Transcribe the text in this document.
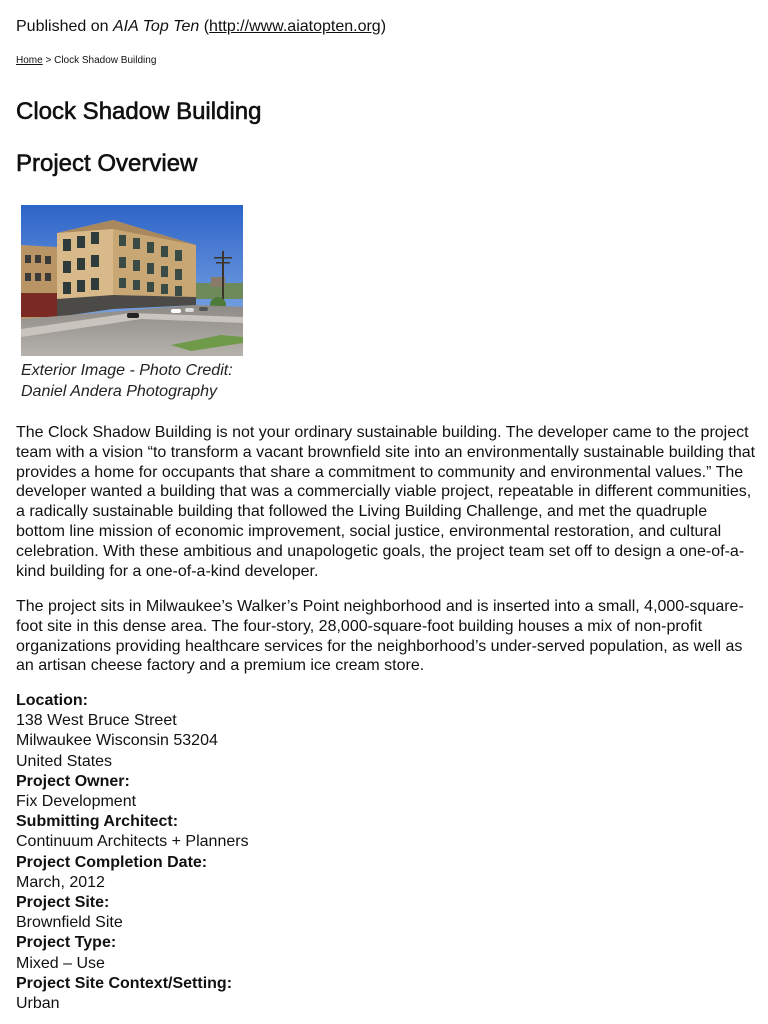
Published on AIA Top Ten (http://www.aiatopten.org)
Home > Clock Shadow Building
Clock Shadow Building
Project Overview
Exterior Image - Photo Credit:
Daniel Andera Photography

The Clock Shadow Building is not your ordinary sustainable building. The developer came to the project team with a vision “to transform a vacant brownfield site into an environmentally sustainable building that provides a home for occupants that share a commitment to community and environmental values.” The developer wanted a building that was a commercially viable project, repeatable in different communities, a radically sustainable building that followed the Living Building Challenge, and met the quadruple bottom line mission of economic improvement, social justice, environmental restoration, and cultural celebration. With these ambitious and unapologetic goals, the project team set off to design a one-of-a-kind building for a one-of-a-kind developer.

The project sits in Milwaukee’s Walker’s Point neighborhood and is inserted into a small, 4,000-square-foot site in this dense area. The four-story, 28,000-square-foot building houses a mix of non-profit organizations providing healthcare services for the neighborhood’s under-served population, as well as an artisan cheese factory and a premium ice cream store.

Location:
138 West Bruce Street
Milwaukee Wisconsin 53204
United States
Project Owner:
Fix Development
Submitting Architect:
Continuum Architects + Planners
Project Completion Date:
March, 2012
Project Site:
Brownfield Site
Project Type:
Mixed – Use
Project Site Context/Setting:
Urban
